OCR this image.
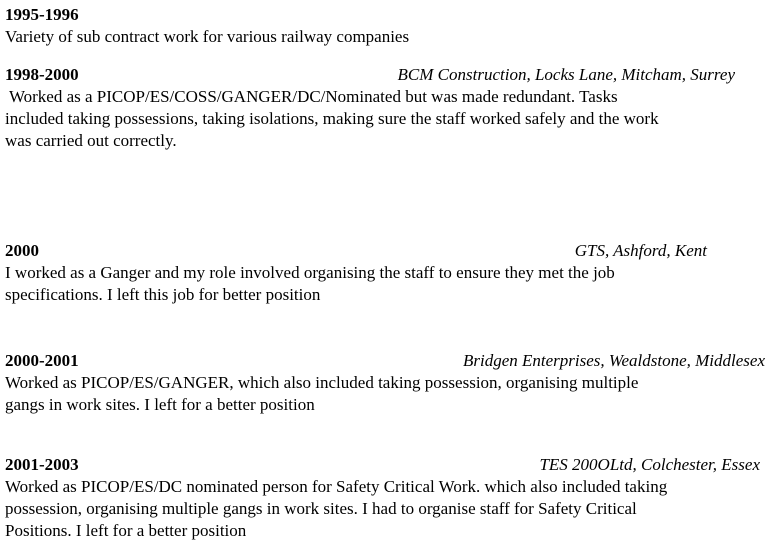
1995-1996
Variety of sub contract work for various railway companies
1998-2000	BCM Construction, Locks Lane, Mitcham, Surrey
Worked as a PICOP/ES/COSS/GANGER/DC/Nominated but was made redundant. Tasks
included taking possessions, taking isolations, making sure the staff worked safely and the work
was carried out correctly.
2000	GTS, Ashford, Kent
I worked as a Ganger and my role involved organising the staff to ensure they met the job
specifications. I left this job for better position
2000-2001	Bridgen Enterprises, Wealdstone, Middlesex
Worked as PICOP/ES/GANGER, which also included taking possession, organising multiple
gangs in work sites. I left for a better position
2001-2003	TES 200OLtd, Colchester, Essex
Worked as PICOP/ES/DC nominated person for Safety Critical Work. which also included taking
possession, organising multiple gangs in work sites. I had to organise staff for Safety Critical
Positions. I left for a better position
